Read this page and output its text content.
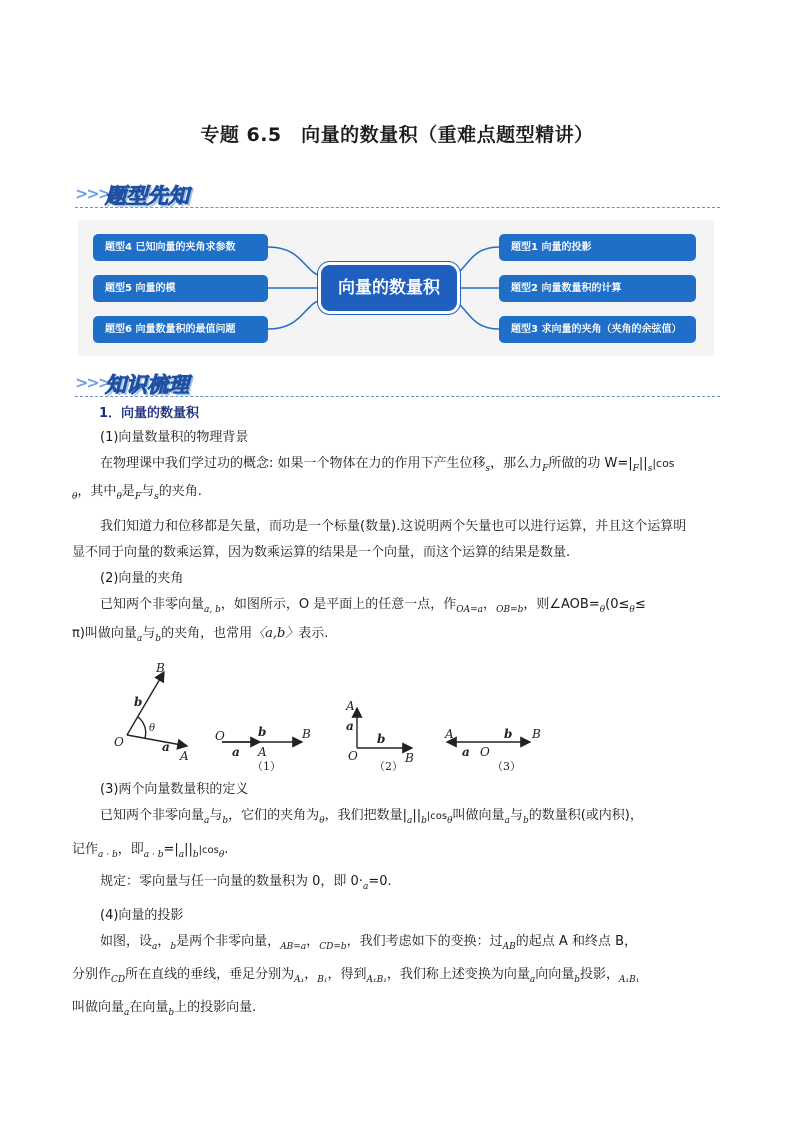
专题 6.5　向量的数量积（重难点题型精讲）
>>>
题型先知
题型4 已知向量的夹角求参数
题型5 向量的模
题型6 向量数量积的最值问题
向量的数量积
题型1 向量的投影
题型2 向量数量积的计算
题型3 求向量的夹角（夹角的余弦值）
>>>
知识梳理
1．向量的数量积
(1)向量数量积的物理背景
在物理课中我们学过功的概念: 如果一个物体在力的作用下产生位移$_s$，那么力$_F$所做的功 $W=|_F||_s|\cos$
$_\theta$，其中$_\theta$是$_F$与$_s$的夹角.
我们知道力和位移都是矢量，而功是一个标量(数量).这说明两个矢量也可以进行运算，并且这个运算明
显不同于向量的数乘运算，因为数乘运算的结果是一个向量，而这个运算的结果是数量.
(2)向量的夹角
已知两个非零向量$_{a, b}$，如图所示，O 是平面上的任意一点，作$_{OA=a}$，$_{OB=b}$，则$\angle AOB=_\theta(0\le_\theta\le$
π)叫做向量$_a$与$_b$的夹角，也常用〈a,b〉表示.
B
b
θ
O	a
A
O	b
A
B
a
（1）
A
a
O
b
B
（2）
A
a O
b B
（3）
(3)两个向量数量积的定义
已知两个非零向量$_a$与$_b$，它们的夹角为$_\theta$，我们把数量$|_a||_b|\cos_\theta$叫做向量$_a$与$_b$的数量积(或内积)，
记作$_{a \cdot b}$，即$_{a \cdot b}=|_a||_b|\cos_\theta$.
规定：零向量与任一向量的数量积为 0，即 $0\cdot_a=0$.
(4)向量的投影
如图，设$_a$，$_b$是两个非零向量，$_{AB=a}$，$_{CD=b}$，我们考虑如下的变换：过$_{AB}$的起点 A 和终点 B，
分别作$_{CD}$所在直线的垂线，垂足分别为$_{A_1}$，$_{B_1}$，得到$_{A_1B_1}$，我们称上述变换为向量$_a$向向量$_b$投影，$_{A_1B_1}$
叫做向量$_a$在向量$_b$上的投影向量.
